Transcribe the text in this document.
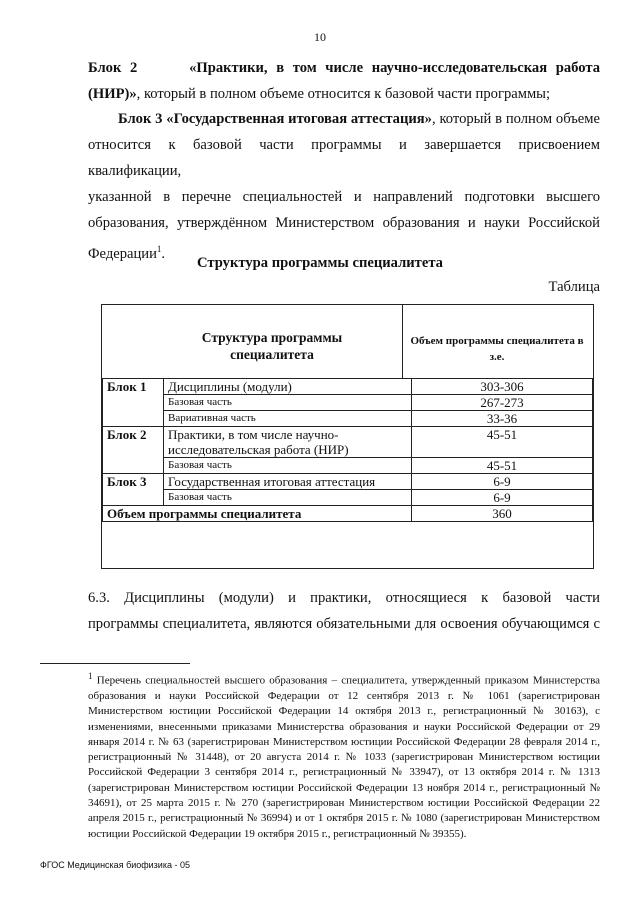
10
Блок 2	«Практики, в том числе научно-исследовательская работа
(НИР)», который в полном объеме относится к базовой части программы;
Блок 3 «Государственная итоговая аттестация», который в полном объеме
относится к базовой части программы и завершается присвоением квалификации,
указанной в перечне специальностей и направлений подготовки высшего
образования, утверждённом Министерством образования и науки Российской
Федерации$^1$.
Структура программы специалитета
Таблица
Структура программы специалитета
Объем программы специалитета в з.е.
Блок 1	Дисциплины (модули)	303-306
	Базовая часть	267-273
	Вариативная часть	33-36
Блок 2	Практики, в том числе научно-исследовательская работа (НИР)	45-51
	Базовая часть	45-51
Блок 3	Государственная итоговая аттестация	6-9
	Базовая часть	6-9
Объем программы специалитета		360
6.3. Дисциплины (модули) и практики, относящиеся к базовой части
программы специалитета, являются обязательными для освоения обучающимся с
$^1$ Перечень специальностей высшего образования – специалитета, утвержденный приказом Министерства образования и науки Российской Федерации от 12 сентября 2013 г. № 1061 (зарегистрирован Министерством юстиции Российской Федерации 14 октября 2013 г., регистрационный № 30163), с изменениями, внесенными приказами Министерства образования и науки Российской Федерации от 29 января 2014 г. № 63 (зарегистрирован Министерством юстиции Российской Федерации 28 февраля 2014 г., регистрационный № 31448), от 20 августа 2014 г. № 1033 (зарегистрирован Министерством юстиции Российской Федерации 3 сентября 2014 г., регистрационный № 33947), от 13 октября 2014 г. № 1313 (зарегистрирован Министерством юстиции Российской Федерации 13 ноября 2014 г., регистрационный № 34691), от 25 марта 2015 г. № 270 (зарегистрирован Министерством юстиции Российской Федерации 22 апреля 2015 г., регистрационный № 36994) и от 1 октября 2015 г. № 1080 (зарегистрирован Министерством юстиции Российской Федерации 19 октября 2015 г., регистрационный № 39355).
ФГОС Медицинская биофизика - 05
